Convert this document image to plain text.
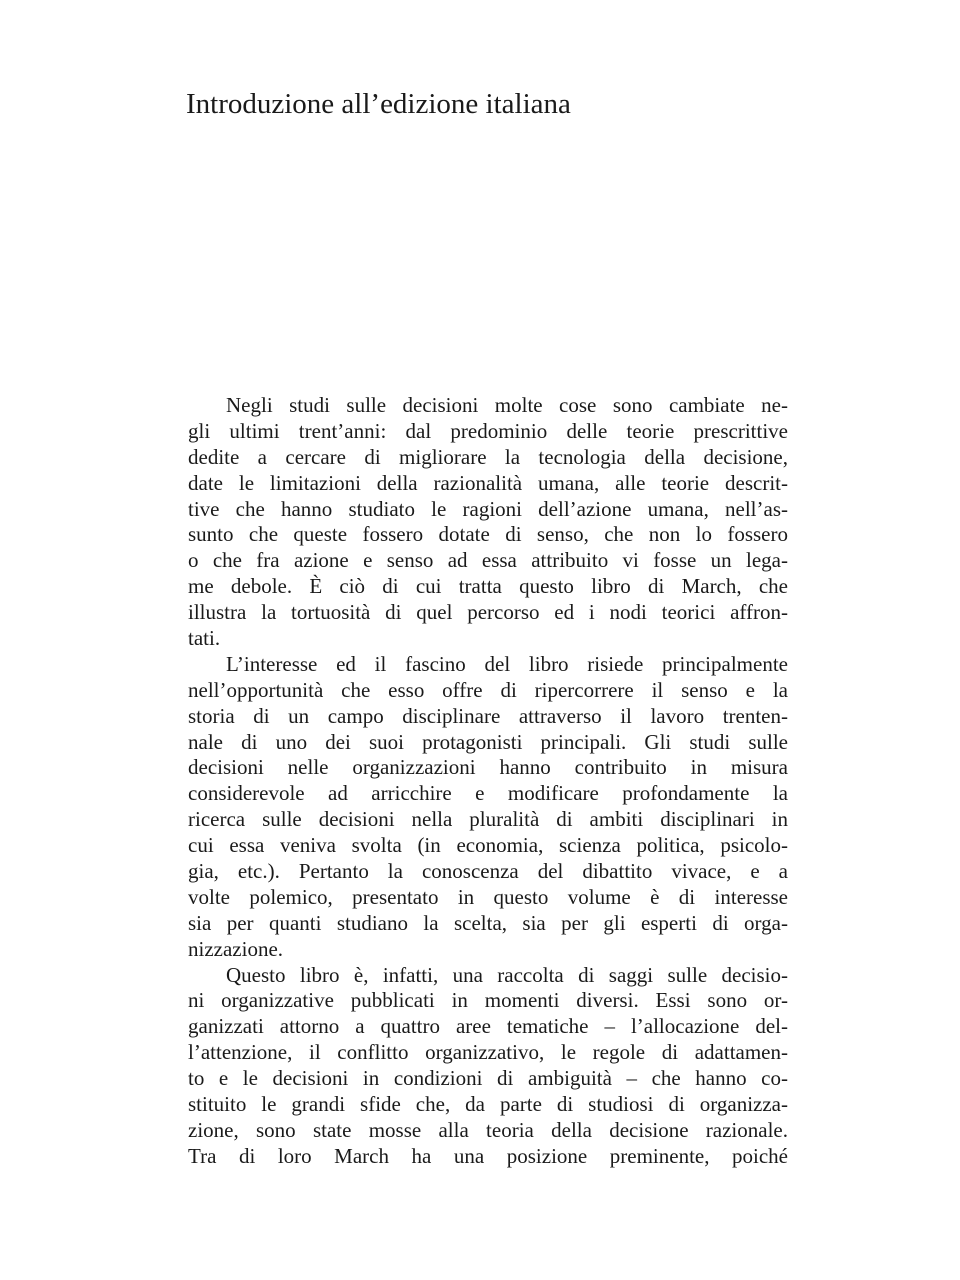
Introduzione all’edizione italiana
Negli studi sulle decisioni molte cose sono cambiate ne-
gli ultimi trent’anni: dal predominio delle teorie prescrittive
dedite a cercare di migliorare la tecnologia della decisione,
date le limitazioni della razionalità umana, alle teorie descrit-
tive che hanno studiato le ragioni dell’azione umana, nell’as-
sunto che queste fossero dotate di senso, che non lo fossero
o che fra azione e senso ad essa attribuito vi fosse un lega-
me debole. È ciò di cui tratta questo libro di March, che
illustra la tortuosità di quel percorso ed i nodi teorici affron-
tati.
L’interesse ed il fascino del libro risiede principalmente
nell’opportunità che esso offre di ripercorrere il senso e la
storia di un campo disciplinare attraverso il lavoro trenten-
nale di uno dei suoi protagonisti principali. Gli studi sulle
decisioni nelle organizzazioni hanno contribuito in misura
considerevole ad arricchire e modificare profondamente la
ricerca sulle decisioni nella pluralità di ambiti disciplinari in
cui essa veniva svolta (in economia, scienza politica, psicolo-
gia, etc.). Pertanto la conoscenza del dibattito vivace, e a
volte polemico, presentato in questo volume è di interesse
sia per quanti studiano la scelta, sia per gli esperti di orga-
nizzazione.
Questo libro è, infatti, una raccolta di saggi sulle decisio-
ni organizzative pubblicati in momenti diversi. Essi sono or-
ganizzati attorno a quattro aree tematiche – l’allocazione del-
l’attenzione, il conflitto organizzativo, le regole di adattamen-
to e le decisioni in condizioni di ambiguità – che hanno co-
stituito le grandi sfide che, da parte di studiosi di organizza-
zione, sono state mosse alla teoria della decisione razionale.
Tra di loro March ha una posizione preminente, poiché
